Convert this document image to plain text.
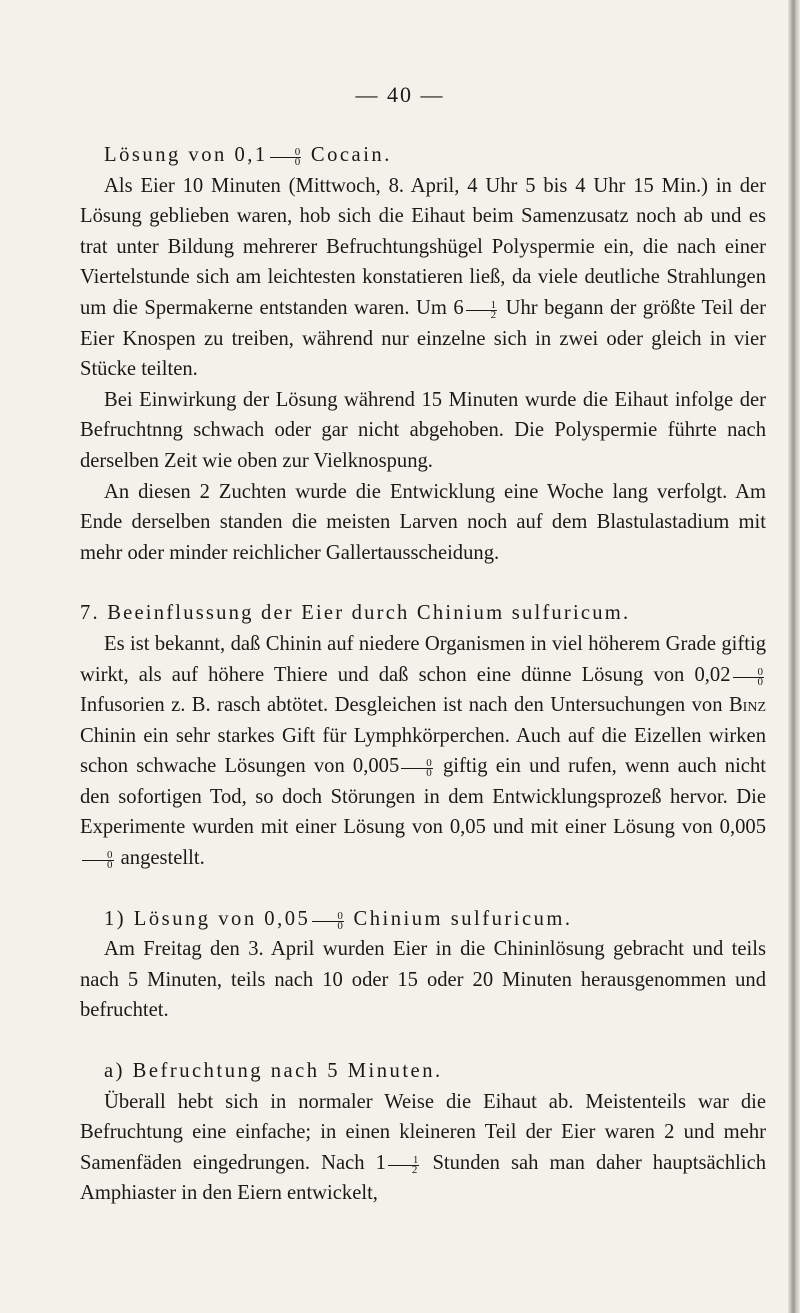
— 40 —

Lösung von $0,1 \frac{0}{0}$ Cocain.

Als Eier 10 Minuten (Mittwoch, 8. April, 4 Uhr 5 bis 4 Uhr 15 Min.) in der Lösung geblieben waren, hob sich die Eihaut beim Samenzusatz noch ab und es trat unter Bildung mehrerer Befruchtungshügel Polyspermie ein, die nach einer Viertelstunde sich am leichtesten konstatieren ließ, da viele deutliche Strahlungen um die Spermakerne entstanden waren. Um $6 \frac{1}{2}$ Uhr begann der größte Teil der Eier Knospen zu treiben, während nur einzelne sich in zwei oder gleich in vier Stücke teilten.

Bei Einwirkung der Lösung während 15 Minuten wurde die Eihaut infolge der Befruchtnng schwach oder gar nicht abgehoben. Die Polyspermie führte nach derselben Zeit wie oben zur Vielknospung.

An diesen 2 Zuchten wurde die Entwicklung eine Woche lang verfolgt. Am Ende derselben standen die meisten Larven noch auf dem Blastulastadium mit mehr oder minder reichlicher Gallertausscheidung.

7. Beeinflussung der Eier durch Chinium sulfuricum.

Es ist bekannt, daß Chinin auf niedere Organismen in viel höherem Grade giftig wirkt, als auf höhere Thiere und daß schon eine dünne Lösung von $0,02 \frac{0}{0}$
Infusorien z. B. rasch abtötet. Desgleichen ist nach den Untersuchungen von Binz Chinin ein sehr starkes Gift für Lymphkörperchen. Auch auf die Eizellen wirken schon schwache Lösungen von $0,005 \frac{0}{0}$ giftig ein und rufen, wenn auch nicht den sofortigen Tod, so doch Störungen in dem Entwicklungsprozeß hervor. Die Experimente wurden mit einer Lösung von 0,05 und mit einer Lösung von 0,005
$\frac{0}{0}$ angestellt.

1) Lösung von $0,05 \frac{0}{0}$ Chinium sulfuricum.

Am Freitag den 3. April wurden Eier in die Chininlösung gebracht und teils nach 5 Minuten, teils nach 10 oder 15 oder 20 Minuten herausgenommen und befruchtet.

a) Befruchtung nach 5 Minuten.

Überall hebt sich in normaler Weise die Eihaut ab. Meistenteils war die Befruchtung eine einfache; in einen kleineren Teil der Eier waren 2 und mehr Samenfäden eingedrungen. Nach $1 \frac{1}{2}$ Stunden sah man daher hauptsächlich Amphiaster in den Eiern entwickelt,
